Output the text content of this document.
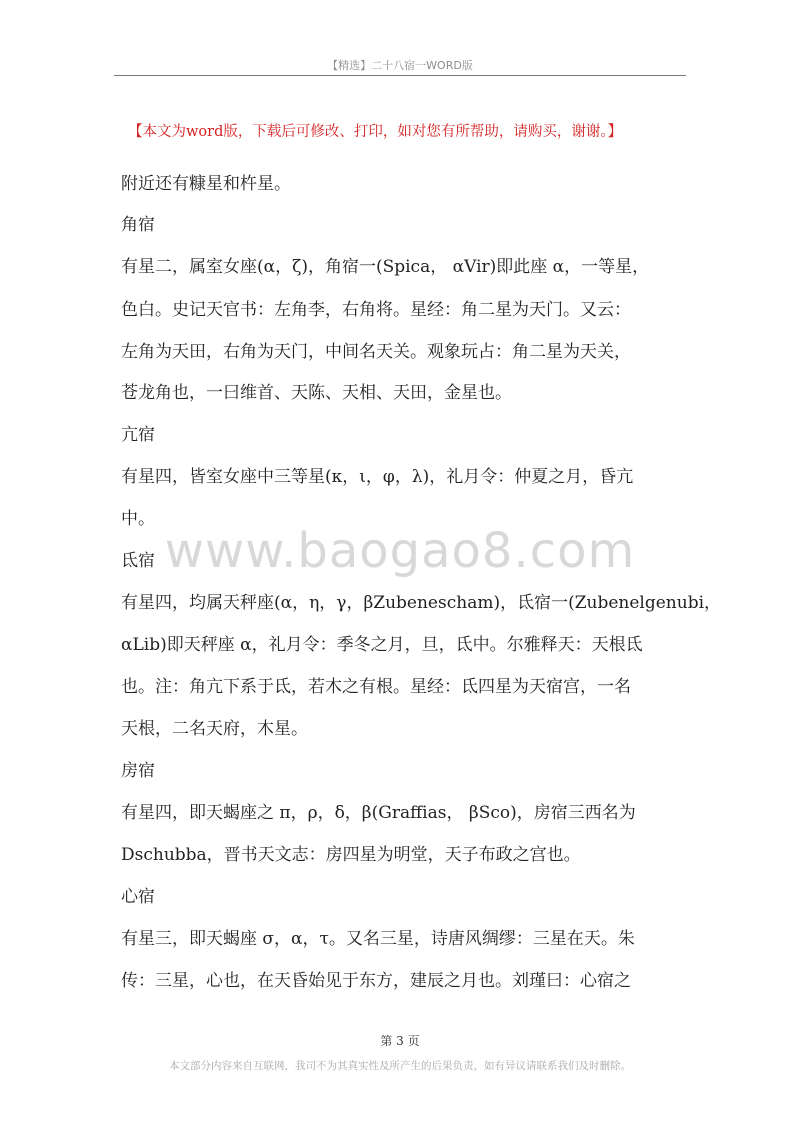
【精选】二十八宿一WORD版
【本文为word版，下载后可修改、打印，如对您有所帮助，请购买，谢谢。】
www.baogao8.com
附近还有糠星和杵星。
角宿
有星二，属室女座(α，ζ)，角宿一(Spica， αVir)即此座 α，一等星，
色白。史记天官书：左角李，右角将。星经：角二星为天门。又云：
左角为天田，右角为天门，中间名天关。观象玩占：角二星为天关，
苍龙角也，一曰维首、天陈、天相、天田，金星也。
亢宿
有星四，皆室女座中三等星(κ，ι，φ，λ)，礼月令：仲夏之月，昏亢
中。
氐宿
有星四，均属天秤座(α，η，γ，βZubenescham)，氐宿一(Zubenelgenubi，
αLib)即天秤座 α，礼月令：季冬之月，旦，氐中。尔雅释天：天根氐
也。注：角亢下系于氐，若木之有根。星经：氐四星为天宿宫，一名
天根，二名天府，木星。
房宿
有星四，即天蝎座之 π，ρ，δ，β(Graffias， βSco)，房宿三西名为
Dschubba，晋书天文志：房四星为明堂，天子布政之宫也。
心宿
有星三，即天蝎座 σ，α，τ。又名三星，诗唐风绸缪：三星在天。朱
传：三星，心也，在天昏始见于东方，建辰之月也。刘瑾曰：心宿之
第 3 页
本文部分内容来自互联网，我司不为其真实性及所产生的后果负责，如有异议请联系我们及时删除。
